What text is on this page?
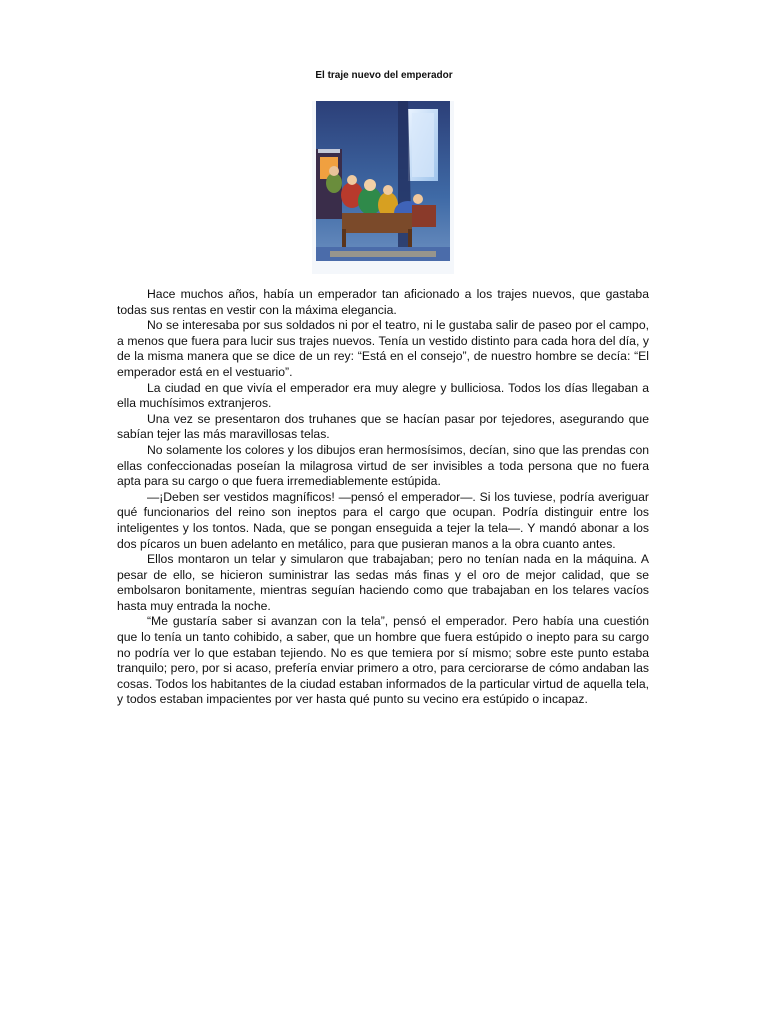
El traje nuevo del emperador

Hace muchos años, había un emperador tan aficionado a los trajes nuevos, que gastaba todas sus rentas en vestir con la máxima elegancia.

No se interesaba por sus soldados ni por el teatro, ni le gustaba salir de paseo por el campo, a menos que fuera para lucir sus trajes nuevos. Tenía un vestido distinto para cada hora del día, y de la misma manera que se dice de un rey: “Está en el consejo”, de nuestro hombre se decía: “El emperador está en el vestuario”.

La ciudad en que vivía el emperador era muy alegre y bulliciosa. Todos los días llegaban a ella muchísimos extranjeros.

Una vez se presentaron dos truhanes que se hacían pasar por tejedores, asegurando que sabían tejer las más maravillosas telas.

No solamente los colores y los dibujos eran hermosísimos, decían, sino que las prendas con ellas confeccionadas poseían la milagrosa virtud de ser invisibles a toda persona que no fuera apta para su cargo o que fuera irremediablemente estúpida.

—¡Deben ser vestidos magníficos! —pensó el emperador—. Si los tuviese, podría averiguar qué funcionarios del reino son ineptos para el cargo que ocupan. Podría distinguir entre los inteligentes y los tontos. Nada, que se pongan enseguida a tejer la tela—. Y mandó abonar a los dos pícaros un buen adelanto en metálico, para que pusieran manos a la obra cuanto antes.

Ellos montaron un telar y simularon que trabajaban; pero no tenían nada en la máquina. A pesar de ello, se hicieron suministrar las sedas más finas y el oro de mejor calidad, que se embolsaron bonitamente, mientras seguían haciendo como que trabajaban en los telares vacíos hasta muy entrada la noche.

“Me gustaría saber si avanzan con la tela”, pensó el emperador. Pero había una cuestión que lo tenía un tanto cohibido, a saber, que un hombre que fuera estúpido o inepto para su cargo no podría ver lo que estaban tejiendo. No es que temiera por sí mismo; sobre este punto estaba tranquilo; pero, por si acaso, prefería enviar primero a otro, para cerciorarse de cómo andaban las cosas. Todos los habitantes de la ciudad estaban informados de la particular virtud de aquella tela, y todos estaban impacientes por ver hasta qué punto su vecino era estúpido o incapaz.
